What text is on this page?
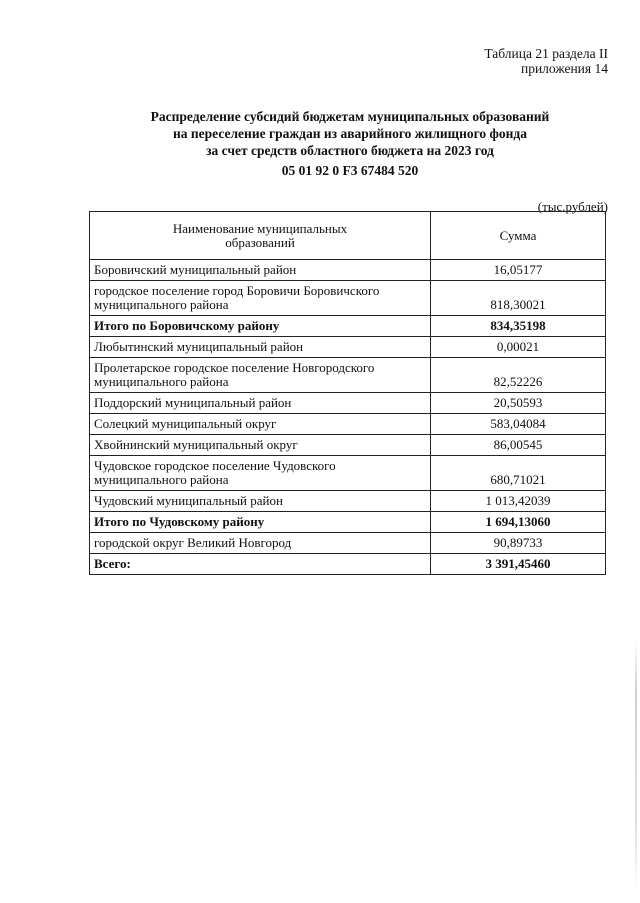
Таблица 21 раздела II
приложения 14
Распределение субсидий бюджетам муниципальных образований
на переселение граждан из аварийного жилищного фонда
за счет средств областного бюджета на 2023 год
05 01 92 0 F3 67484 520
(тыс.рублей)
Наименование муниципальных образований	Сумма
Боровичский муниципальный район	16,05177
городское поселение город Боровичи Боровичского муниципального района	818,30021
Итого по Боровичскому району	834,35198
Любытинский муниципальный район	0,00021
Пролетарское городское поселение Новгородского муниципального района	82,52226
Поддорский муниципальный район	20,50593
Солецкий муниципальный округ	583,04084
Хвойнинский муниципальный округ	86,00545
Чудовское городское поселение Чудовского муниципального района	680,71021
Чудовский муниципальный район	1 013,42039
Итого по Чудовскому району	1 694,13060
городской округ Великий Новгород	90,89733
Всего:	3 391,45460
